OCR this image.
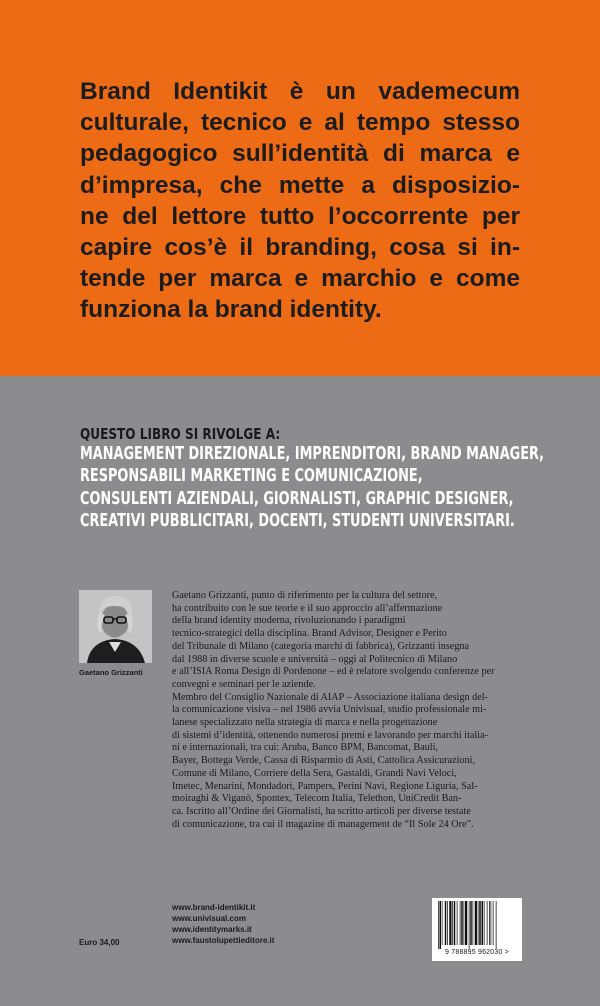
Brand Identikit è un vademecum
culturale, tecnico e al tempo stesso
pedagogico sull’identità di marca e
d’impresa, che mette a disposizio-
ne del lettore tutto l’occorrente per
capire cos’è il branding, cosa si in-
tende per marca e marchio e come
funziona la brand identity.

QUESTO LIBRO SI RIVOLGE A:
MANAGEMENT DIREZIONALE, IMPRENDITORI, BRAND MANAGER,
RESPONSABILI MARKETING E COMUNICAZIONE,
CONSULENTI AZIENDALI, GIORNALISTI, GRAPHIC DESIGNER,
CREATIVI PUBBLICITARI, DOCENTI, STUDENTI UNIVERSITARI.
Gaetano Grizzanti

Gaetano Grizzanti, punto di riferimento per la cultura del settore,
ha contribuito con le sue teorie e il suo approccio all’affermazione
della brand identity moderna, rivoluzionando i paradigmi
tecnico-strategici della disciplina. Brand Advisor, Designer e Perito
del Tribunale di Milano (categoria marchi di fabbrica), Grizzanti insegna
dal 1988 in diverse scuole e università – oggi al Politecnico di Milano
e all’ISIA Roma Design di Pordenone – ed è relatore svolgendo conferenze per
convegni e seminari per le aziende.

Membro del Consiglio Nazionale di AIAP – Associazione italiana design del-
la comunicazione visiva – nel 1986 avvia Univisual, studio professionale mi-
lanese specializzato nella strategia di marca e nella progettazione
di sistemi d’identità, ottenendo numerosi premi e lavorando per marchi italia-
ni e internazionali, tra cui: Aruba, Banco BPM, Bancomat, Bauli,
Bayer, Bottega Verde, Cassa di Risparmio di Asti, Cattolica Assicurazioni,
Comune di Milano, Corriere della Sera, Gastaldi, Grandi Navi Veloci,
Imetec, Menarini, Mondadori, Pampers, Perini Navi, Regione Liguria, Sal-
moiraghi & Viganò, Spontex, Telecom Italia, Telethon, UniCredit Ban-
ca. Iscritto all’Ordine dei Giornalisti, ha scritto articoli per diverse testate
di comunicazione, tra cui il magazine di management de “Il Sole 24 Ore”.

Euro 34,00
www.brand-identikit.it
www.univisual.com
www.identitymarks.it
www.faustolupettieditore.it
9 788895 962030 >
